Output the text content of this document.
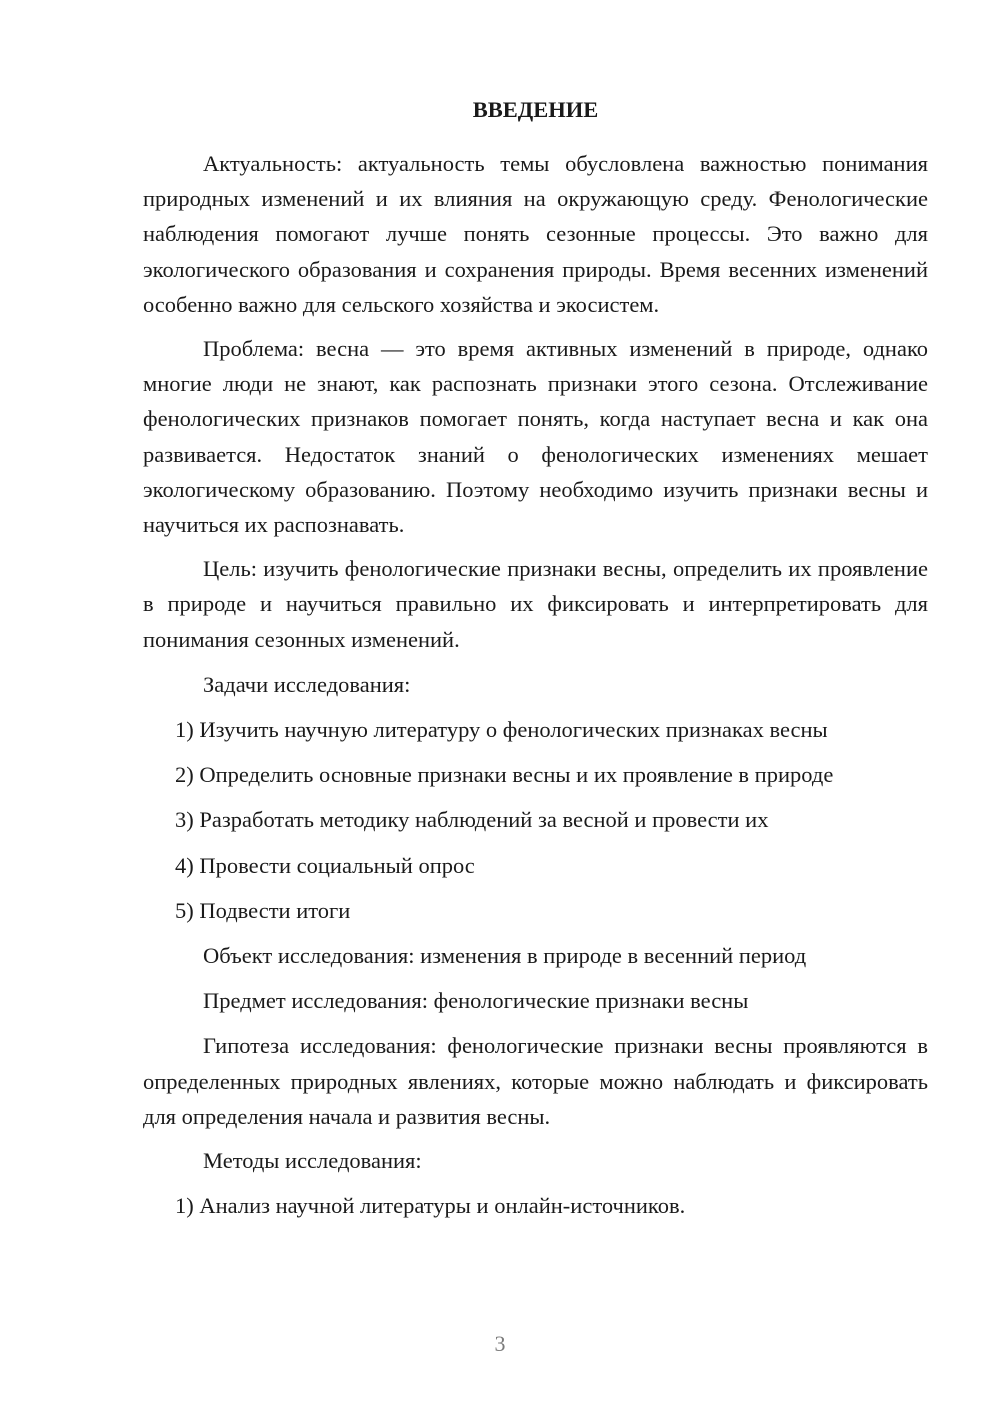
ВВЕДЕНИЕ

Актуальность: актуальность темы обусловлена важностью понимания природных изменений и их влияния на окружающую среду. Фенологические наблюдения помогают лучше понять сезонные процессы. Это важно для экологического образования и сохранения природы. Время весенних изменений особенно важно для сельского хозяйства и экосистем.

Проблема: весна — это время активных изменений в природе, однако многие люди не знают, как распознать признаки этого сезона. Отслеживание фенологических признаков помогает понять, когда наступает весна и как она развивается. Недостаток знаний о фенологических изменениях мешает экологическому образованию. Поэтому необходимо изучить признаки весны и научиться их распознавать.

Цель: изучить фенологические признаки весны, определить их проявление в природе и научиться правильно их фиксировать и интерпретировать для понимания сезонных изменений.

Задачи исследования:
1) Изучить научную литературу о фенологических признаках весны
2) Определить основные признаки весны и их проявление в природе
3) Разработать методику наблюдений за весной и провести их
4) Провести социальный опрос
5) Подвести итоги
Объект исследования: изменения в природе в весенний период
Предмет исследования: фенологические признаки весны

Гипотеза исследования: фенологические признаки весны проявляются в определенных природных явлениях, которые можно наблюдать и фиксировать для определения начала и развития весны.

Методы исследования:
1) Анализ научной литературы и онлайн-источников.
3
